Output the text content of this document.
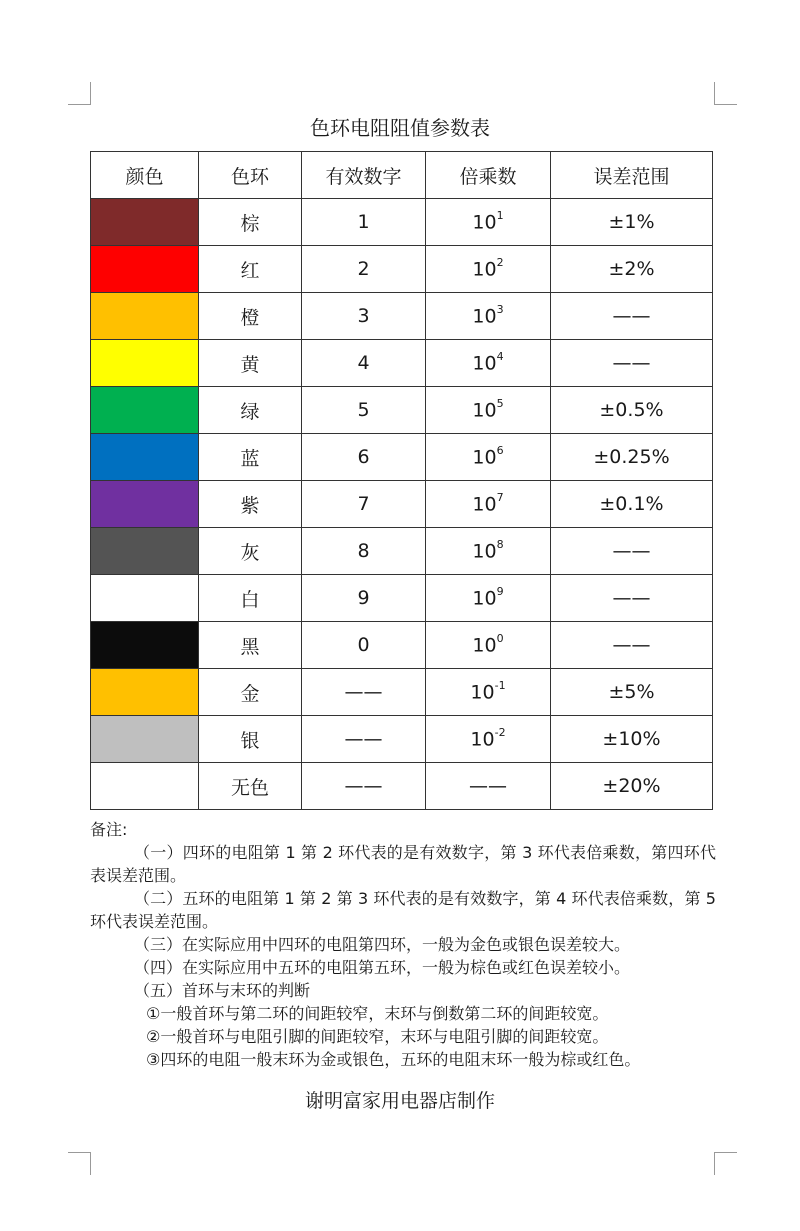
色环电阻阻值参数表
颜色	色环	有效数字	倍乘数	误差范围

	棕	1	$10^1$	±1%

	红	2	$10^2$	±2%

	橙	3	$10^3$	——

	黄	4	$10^4$	——

	绿	5	$10^5$	±0.5%

	蓝	6	$10^6$	±0.25%

	紫	7	$10^7$	±0.1%

	灰	8	$10^8$	——

	白	9	$10^9$	——

	黑	0	$10^0$	——

	金	——	$10^{-1}$	±5%

	银	——	$10^{-2}$	±10%

	无色	——	——	±20%

备注:

（一）四环的电阻第 1 第 2 环代表的是有效数字，第 3 环代表倍乘数，第四环代表误差范围。

（二）五环的电阻第 1 第 2 第 3 环代表的是有效数字，第 4 环代表倍乘数，第 5 环代表误差范围。

（三）在实际应用中四环的电阻第四环，一般为金色或银色误差较大。

（四）在实际应用中五环的电阻第五环，一般为棕色或红色误差较小。

（五）首环与末环的判断

①一般首环与第二环的间距较窄，末环与倒数第二环的间距较宽。

②一般首环与电阻引脚的间距较窄，末环与电阻引脚的间距较宽。

③四环的电阻一般末环为金或银色，五环的电阻末环一般为棕或红色。

谢明富家用电器店制作
